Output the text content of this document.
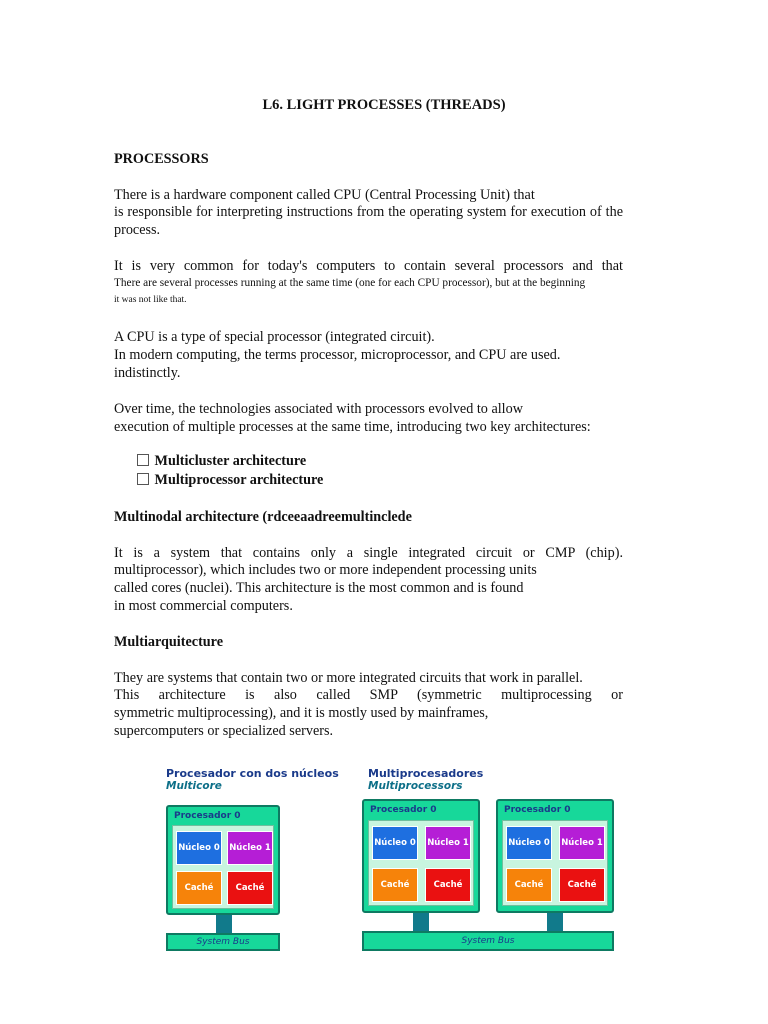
L6. LIGHT PROCESSES (THREADS)
PROCESSORS
There is a hardware component called CPU (Central Processing Unit) that
is responsible for interpreting instructions from the operating system for execution of the
process.
It is very common for today's computers to contain several processors and that
There are several processes running at the same time (one for each CPU processor), but at the beginning
it was not like that.
A CPU is a type of special processor (integrated circuit).
In modern computing, the terms processor, microprocessor, and CPU are used.
indistinctly.
Over time, the technologies associated with processors evolved to allow
execution of multiple processes at the same time, introducing two key architectures:
Multicluster architecture
Multiprocessor architecture
Multinodal architecture (rdceeaadreemultinclede
It is a system that contains only a single integrated circuit or CMP (chip).
multiprocessor), which includes two or more independent processing units
called cores (nuclei). This architecture is the most common and is found
in most commercial computers.
Multiarquitecture
They are systems that contain two or more integrated circuits that work in parallel.
This architecture is also called SMP (symmetric multiprocessing or
symmetric multiprocessing), and it is mostly used by mainframes,
supercomputers or specialized servers.
Procesador con dos núcleos
Multicore
Multiprocesadores
Multiprocessors
Procesador 0
Núcleo 0 Núcleo 1
Caché	Caché
System Bus
Procesador 0
Núcleo 0 Núcleo 1
Caché	Caché
Procesador 0
Núcleo 0 Núcleo 1
Caché	Caché
System Bus
